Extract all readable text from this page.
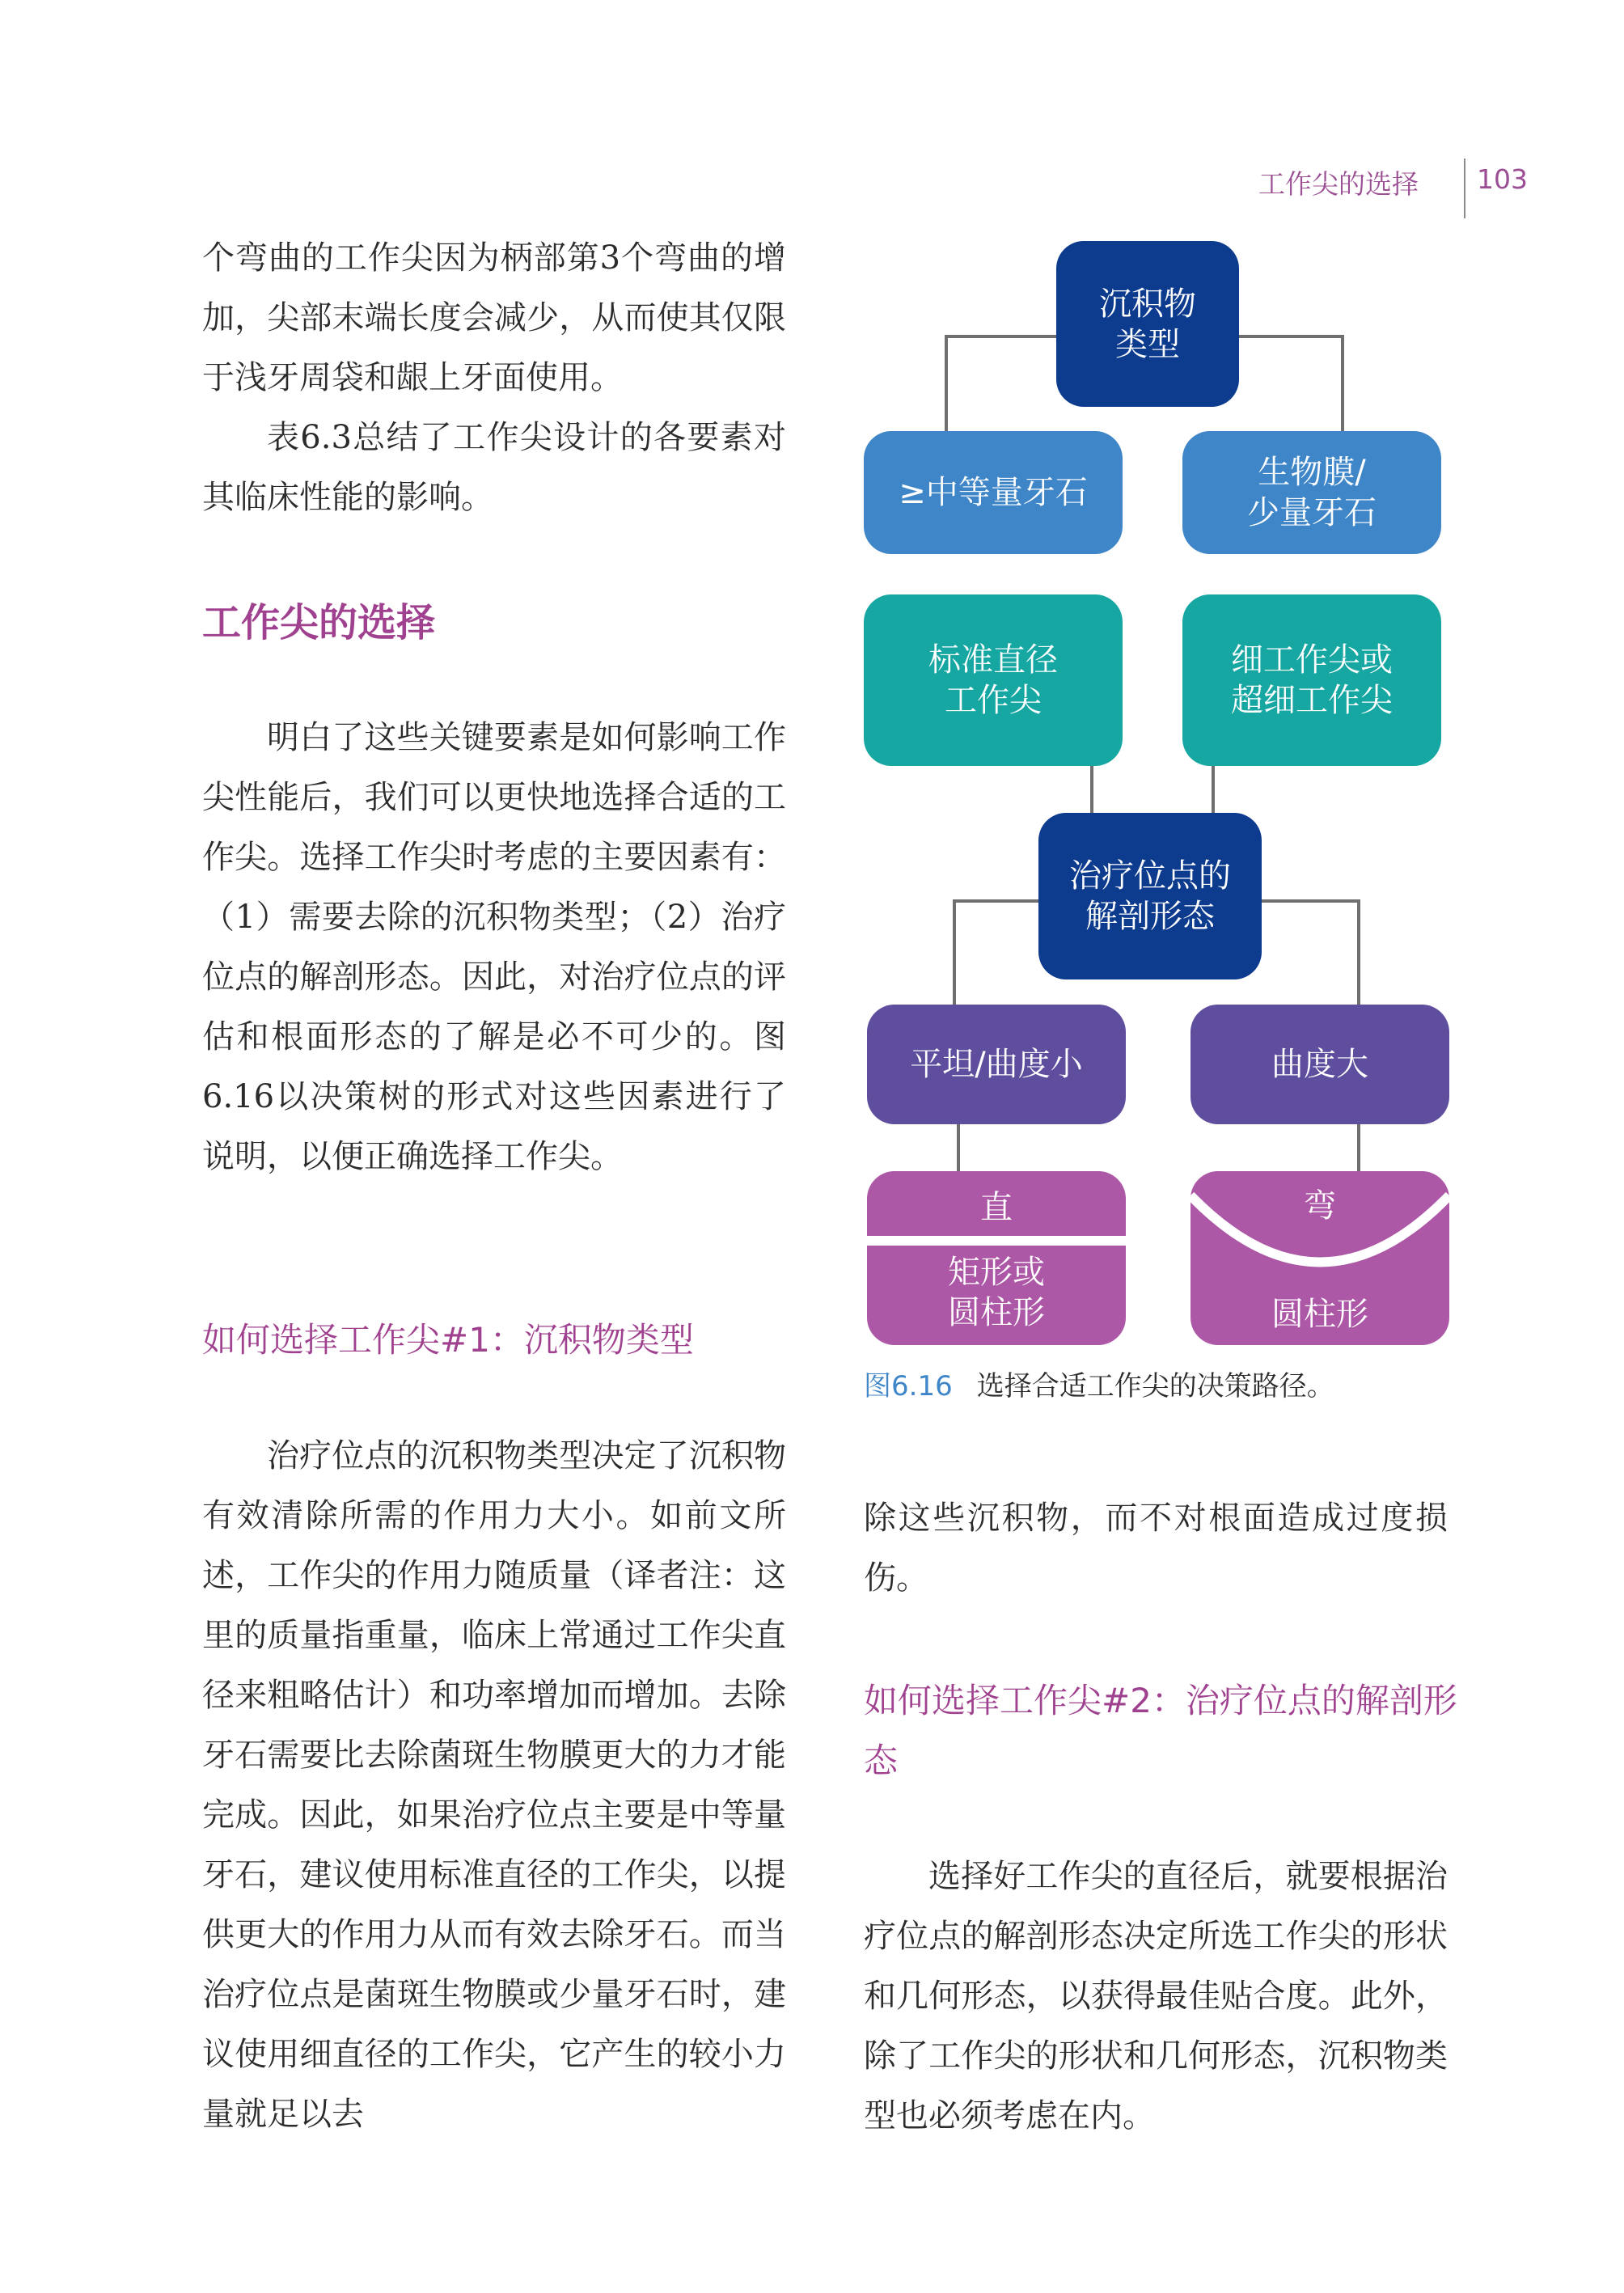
工作尖的选择 103

个弯曲的工作尖因为柄部第3个弯曲的增加，尖部末端长度会减少，从而使其仅限于浅牙周袋和龈上牙面使用。

表6.3总结了工作尖设计的各要素对其临床性能的影响。

工作尖的选择

明白了这些关键要素是如何影响工作尖性能后，我们可以更快地选择合适的工作尖。选择工作尖时考虑的主要因素有：（1）需要去除的沉积物类型；（2）治疗位点的解剖形态。因此，对治疗位点的评估和根面形态的了解是必不可少的。图6.16以决策树的形式对这些因素进行了说明，以便正确选择工作尖。

如何选择工作尖#1：沉积物类型

治疗位点的沉积物类型决定了沉积物有效清除所需的作用力大小。如前文所述，工作尖的作用力随质量（译者注：这里的质量指重量，临床上常通过工作尖直径来粗略估计）和功率增加而增加。去除牙石需要比去除菌斑生物膜更大的力才能完成。因此，如果治疗位点主要是中等量牙石，建议使用标准直径的工作尖，以提供更大的作用力从而有效去除牙石。而当治疗位点是菌斑生物膜或少量牙石时，建议使用细直径的工作尖，它产生的较小力量就足以去

沉积物
类型
≥中等量牙石
生物膜/
少量牙石
标准直径
工作尖
细工作尖或
超细工作尖
治疗位点的
解剖形态
平坦/曲度小	曲度大
直
矩形或
圆柱形
弯
圆柱形
图6.16 选择合适工作尖的决策路径。

除这些沉积物，而不对根面造成过度损伤。

如何选择工作尖#2：治疗位点的解剖形态

选择好工作尖的直径后，就要根据治疗位点的解剖形态决定所选工作尖的形状和几何形态，以获得最佳贴合度。此外，除了工作尖的形状和几何形态，沉积物类型也必须考虑在内。
